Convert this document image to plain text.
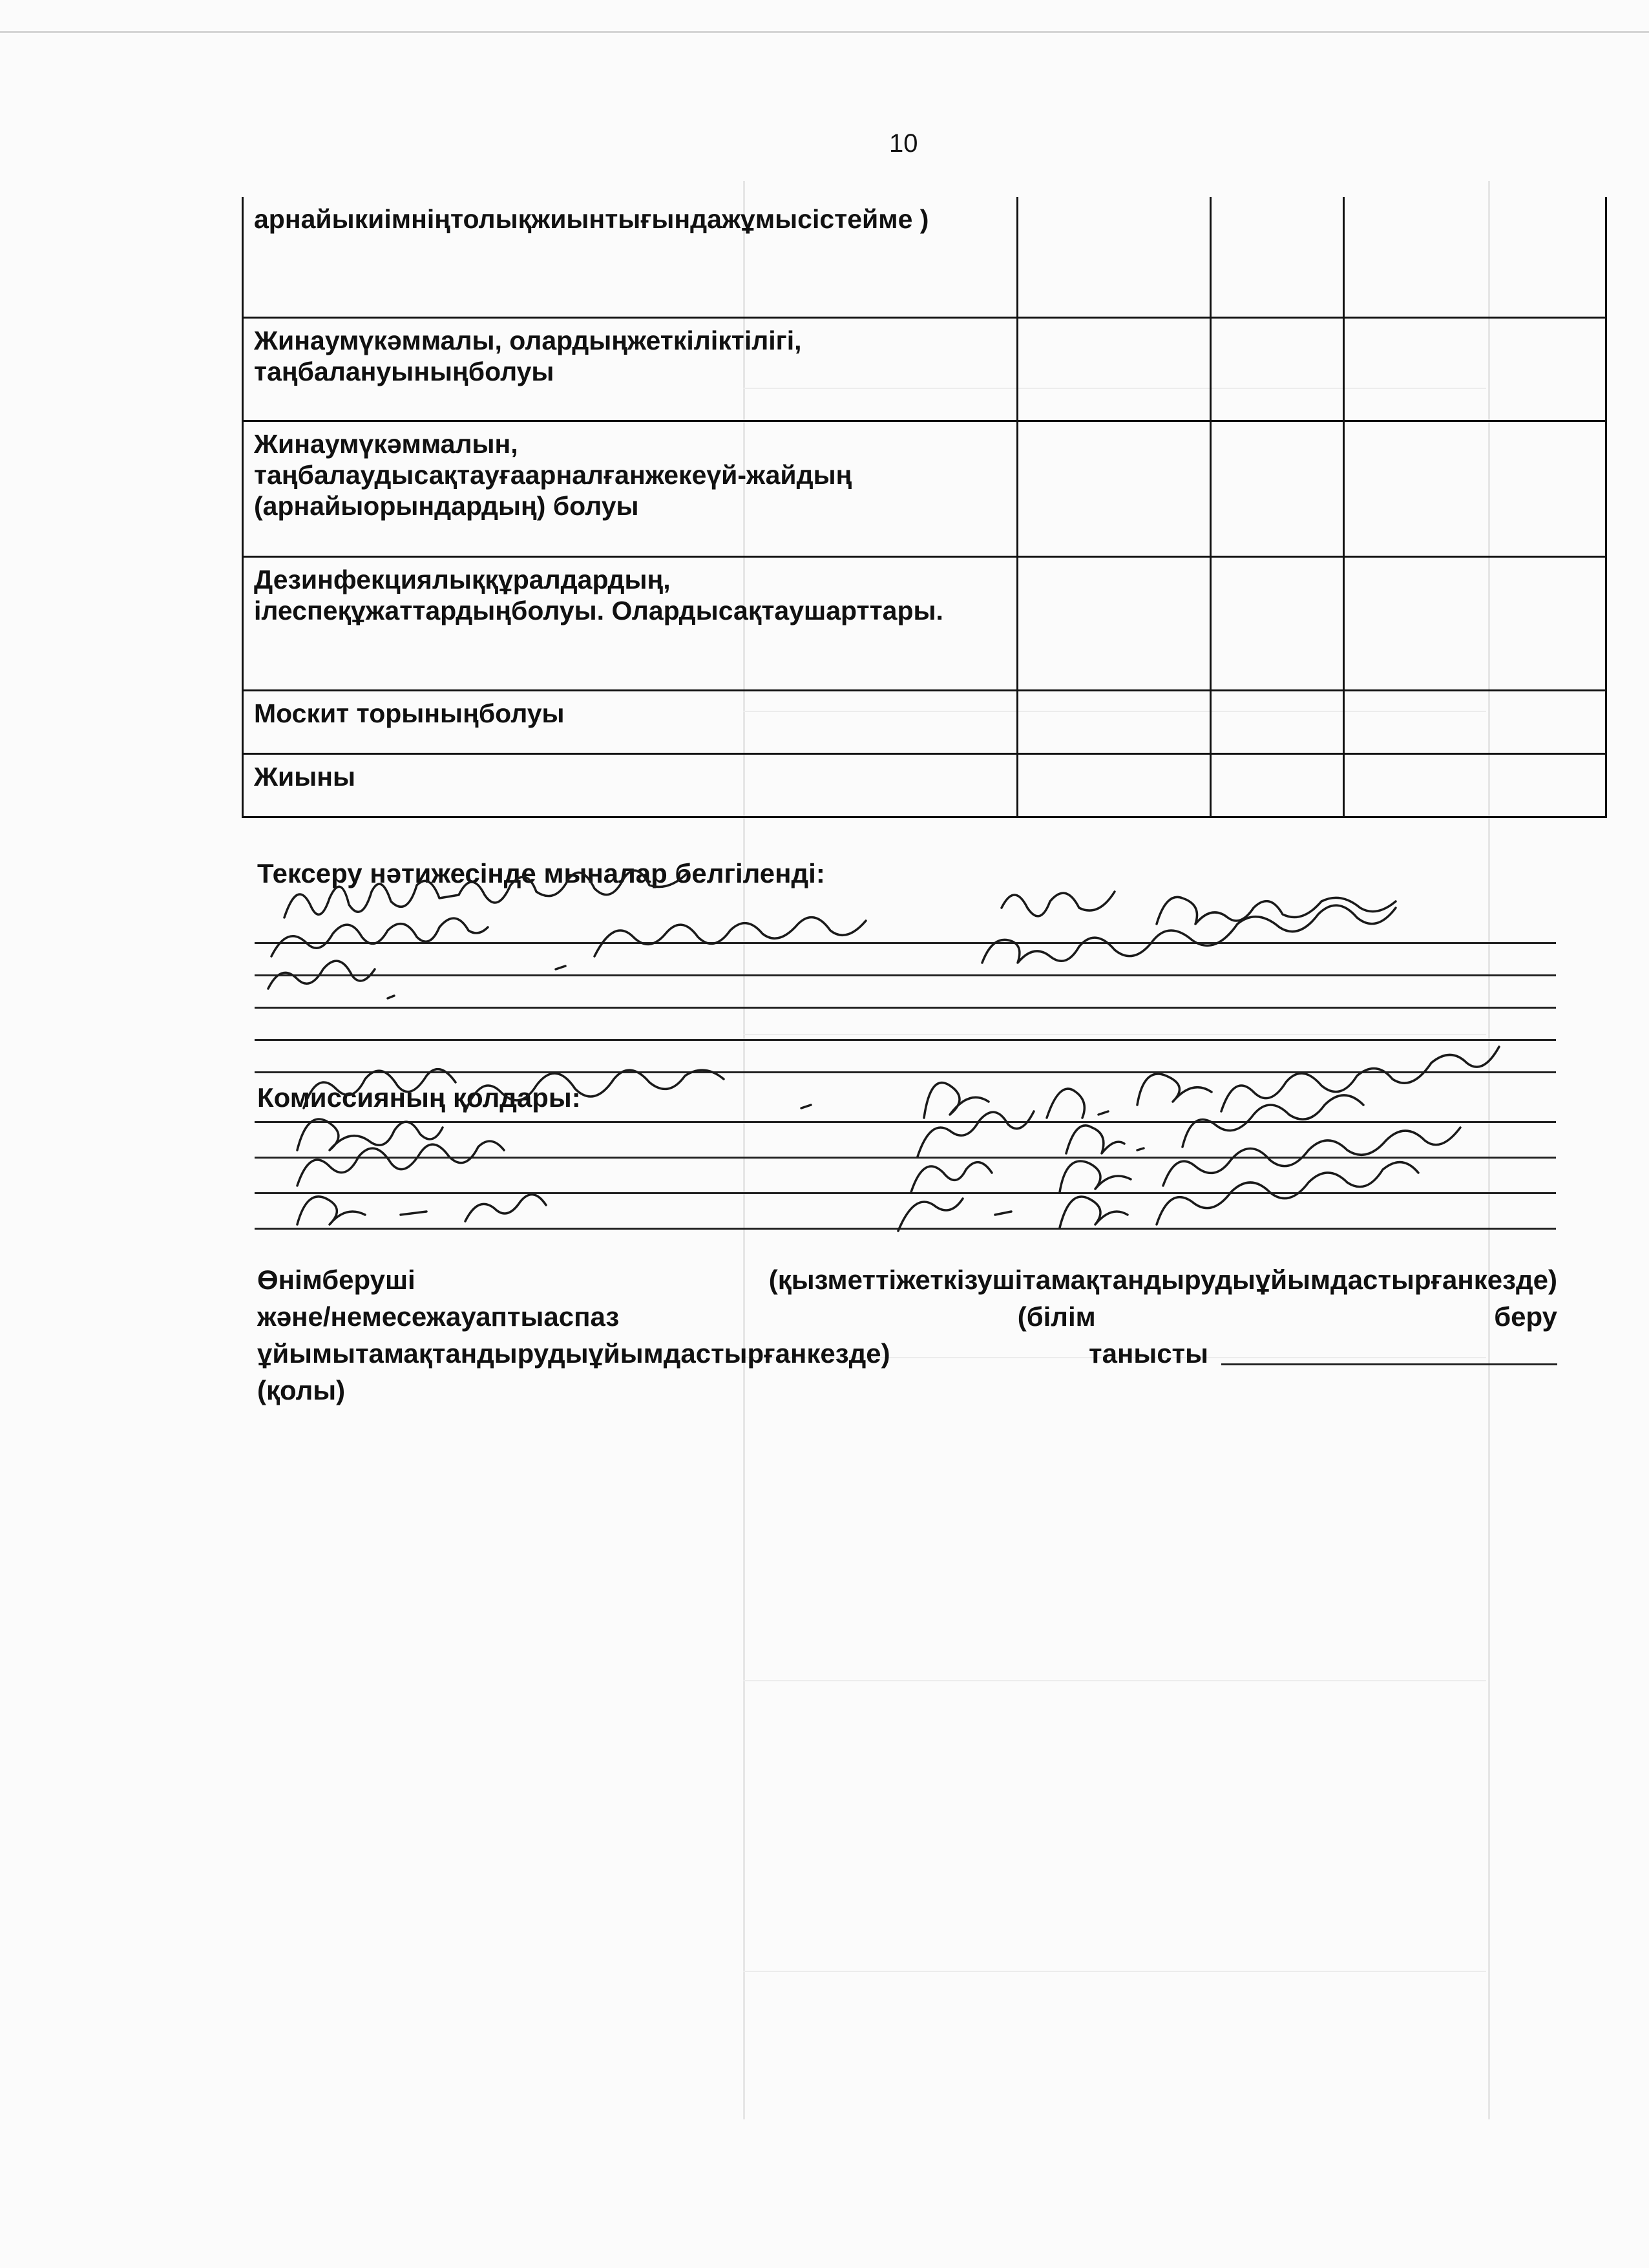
10
арнайыкиімніңтолықжиынтығындажұмысістейме )			
Жинаумүкәммалы, олардыңжеткіліктілігі, таңбалануыныңболуы			
Жинаумүкәммалын, таңбалаудысақтауғаарналғанжекеүй-жайдың (арнайыорындардың) болуы			
Дезинфекциялыққұралдардың, ілеспеқұжаттардыңболуы. Олардысақтаушарттары.			
Москит торыныңболуы			
Жиыны			
Тексеру нәтижесінде мыналар белгіленді:
Комиссияның қолдары:
Өнімберуші	(қызметтіжеткізушітамақтандырудыұйымдастырғанкезде)
және/немесежауаптыаспаз	(білім	беру
ұйымытамақтандырудыұйымдастырғанкезде)	танысты
(қолы)
